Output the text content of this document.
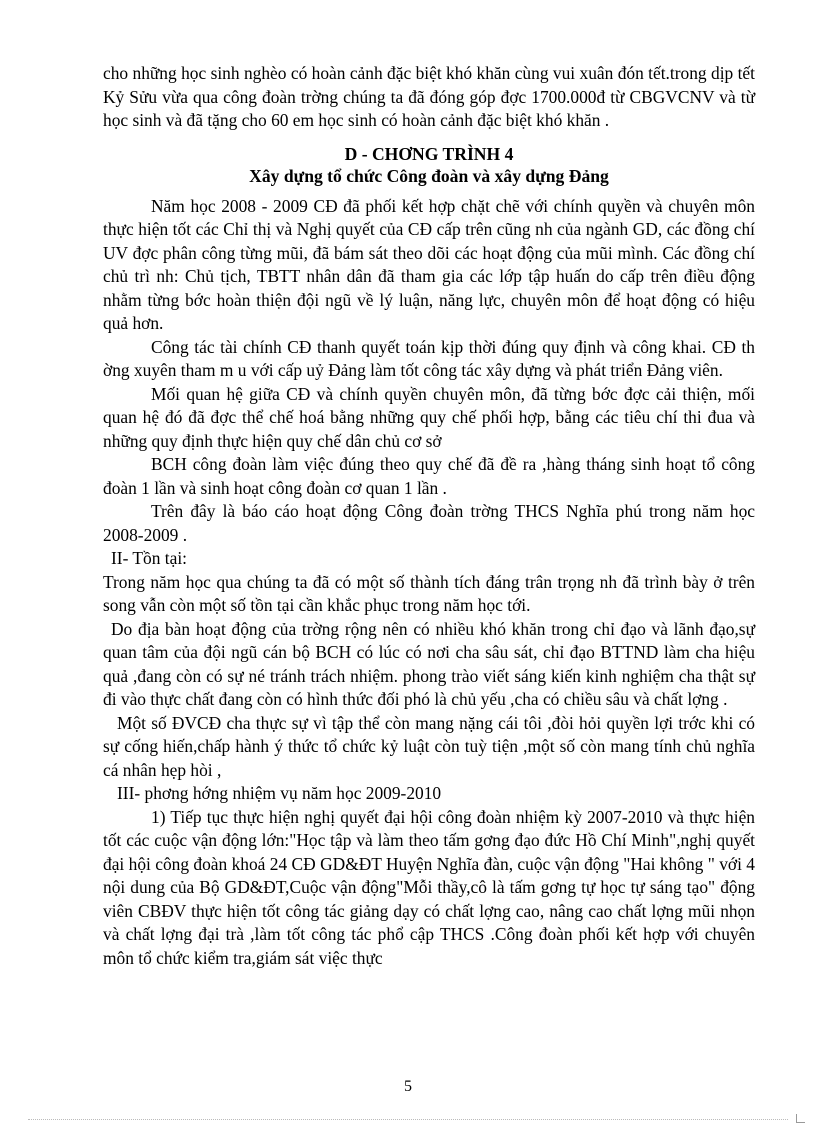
cho những học sinh nghèo có hoàn cảnh đặc biệt khó khăn cùng vui xuân đón tết.trong dịp tết Kỷ Sửu vừa qua công đoàn trờng chúng ta đã đóng góp đợc 1700.000đ từ CBGVCNV và từ học sinh và đã tặng cho 60 em học sinh có hoàn cảnh đặc biệt khó khăn .

D - CHƠNG TRÌNH 4
Xây dựng tổ chức Công đoàn và xây dựng Đảng

Năm học 2008 - 2009 CĐ đã phối kết hợp chặt chẽ với chính quyền và chuyên môn thực hiện tốt các Chỉ thị và Nghị quyết của CĐ cấp trên cũng nh của ngành GD, các đồng chí UV đợc phân công từng mũi, đã bám sát theo dõi các hoạt động của mũi mình. Các đồng chí chủ trì nh: Chủ tịch, TBTT nhân dân đã tham gia các lớp tập huấn do cấp trên điều động nhằm từng bớc hoàn thiện đội ngũ về lý luận, năng lực, chuyên môn để hoạt động có hiệu quả hơn.

Công tác tài chính CĐ thanh quyết toán kịp thời đúng quy định và công khai. CĐ th ờng xuyên tham m u với cấp uỷ Đảng làm tốt công tác xây dựng và phát triển Đảng viên.

Mối quan hệ giữa CĐ và chính quyền chuyên môn, đã từng bớc đợc cải thiện, mối quan hệ đó đã đợc thể chế hoá bằng những quy chế phối hợp, bằng các tiêu chí thi đua và những quy định thực hiện quy chế dân chủ cơ sở

BCH công đoàn làm việc đúng theo quy chế đã đề ra ,hàng tháng sinh hoạt tổ công đoàn 1 lần và sinh hoạt công đoàn cơ quan 1 lần .

Trên đây là báo cáo hoạt động Công đoàn trờng THCS Nghĩa phú trong năm học 2008-2009 .

II- Tồn tại:

Trong năm học qua chúng ta đã có một số thành tích đáng trân trọng nh đã trình bày ở trên song vẫn còn một số tồn tại cần khắc phục trong năm học tới.

Do địa bàn hoạt động của trờng rộng nên có nhiều khó khăn trong chỉ đạo và lãnh đạo,sự quan tâm của đội ngũ cán bộ BCH có lúc có nơi cha sâu sát, chỉ đạo BTTND làm cha hiệu quả ,đang còn có sự né tránh trách nhiệm. phong trào viết sáng kiến kinh nghiệm cha thật sự đi vào thực chất đang còn có hình thức đối phó là chủ yếu ,cha có chiều sâu và chất lợng .

Một số ĐVCĐ cha thực sự vì tập thể còn mang nặng cái tôi ,đòi hỏi quyền lợi trớc khi có sự cống hiến,chấp hành ý thức tổ chức kỷ luật còn tuỳ tiện ,một số còn mang tính chủ nghĩa cá nhân hẹp hòi ,

III- phơng hớng nhiệm vụ năm học 2009-2010

1) Tiếp tục thực hiện nghị quyết đại hội công đoàn nhiệm kỳ 2007-2010 và thực hiện tốt các cuộc vận động lớn:"Học tập và làm theo tấm gơng đạo đức Hồ Chí Minh",nghị quyết đại hội công đoàn khoá 24 CĐ GD&ĐT Huyện Nghĩa đàn, cuộc vận động "Hai không " với 4 nội dung của Bộ GD&ĐT,Cuộc vận động"Mỗi thầy,cô là tấm gơng tự học tự sáng tạo" động viên CBĐV thực hiện tốt công tác giảng dạy có chất lợng cao, nâng cao chất lợng mũi nhọn và chất lợng đại trà ,làm tốt công tác phổ cập THCS .Công đoàn phối kết hợp với chuyên môn tổ chức kiểm tra,giám sát việc thực

5
